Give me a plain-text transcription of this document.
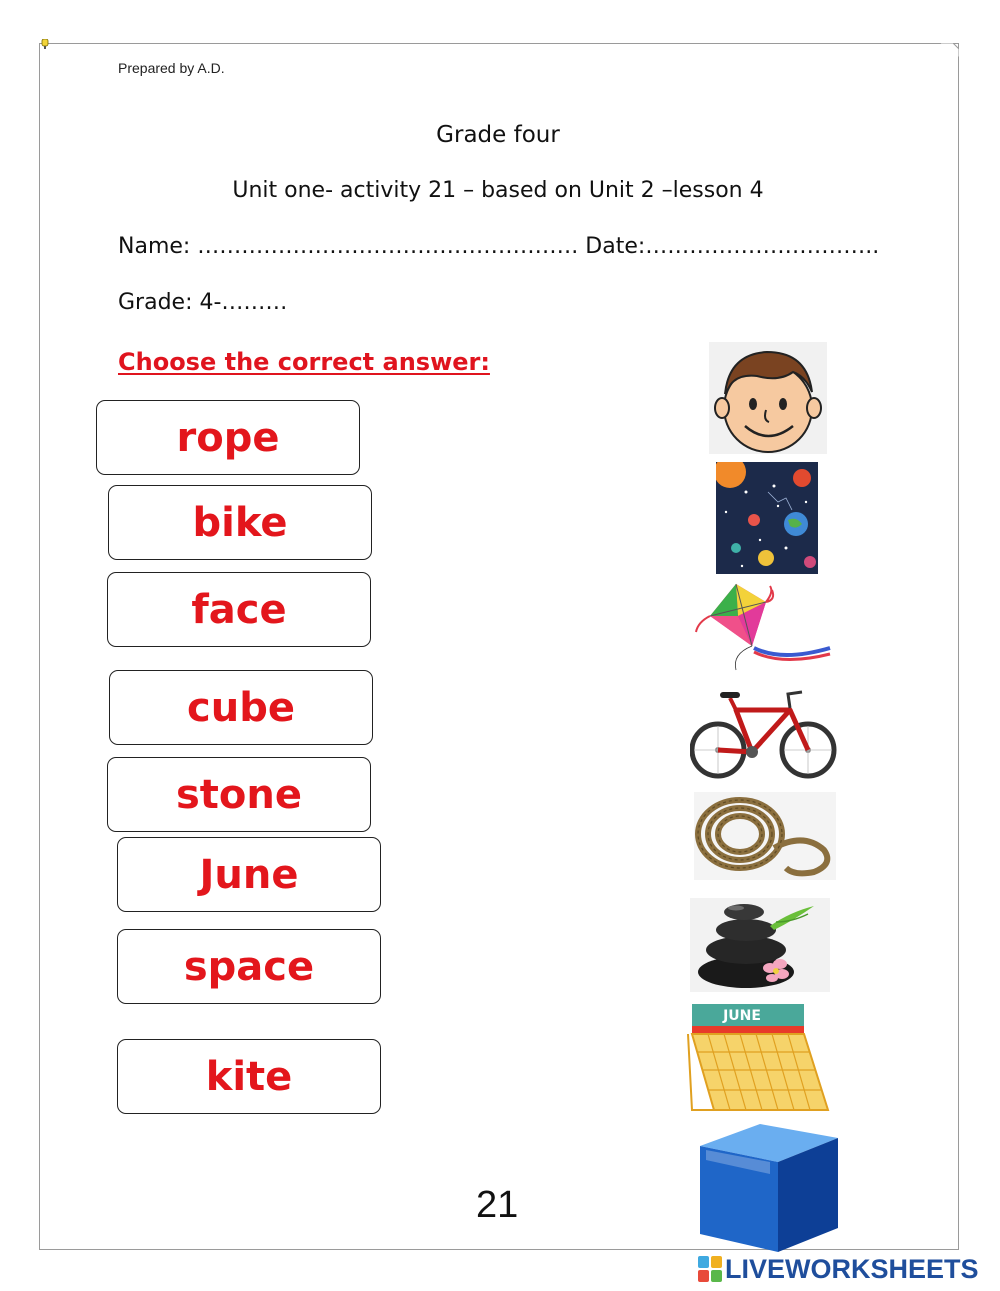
Prepared by A.D.
Grade four
Unit one- activity 21 – based on Unit 2 –lesson 4
Name: ……………………………………………. Date:…………………………..
Grade: 4-………
Choose the correct answer:
rope
bike
face
cube
stone
June
space
kite
JUNE
21
LIVEWORKSHEETS
